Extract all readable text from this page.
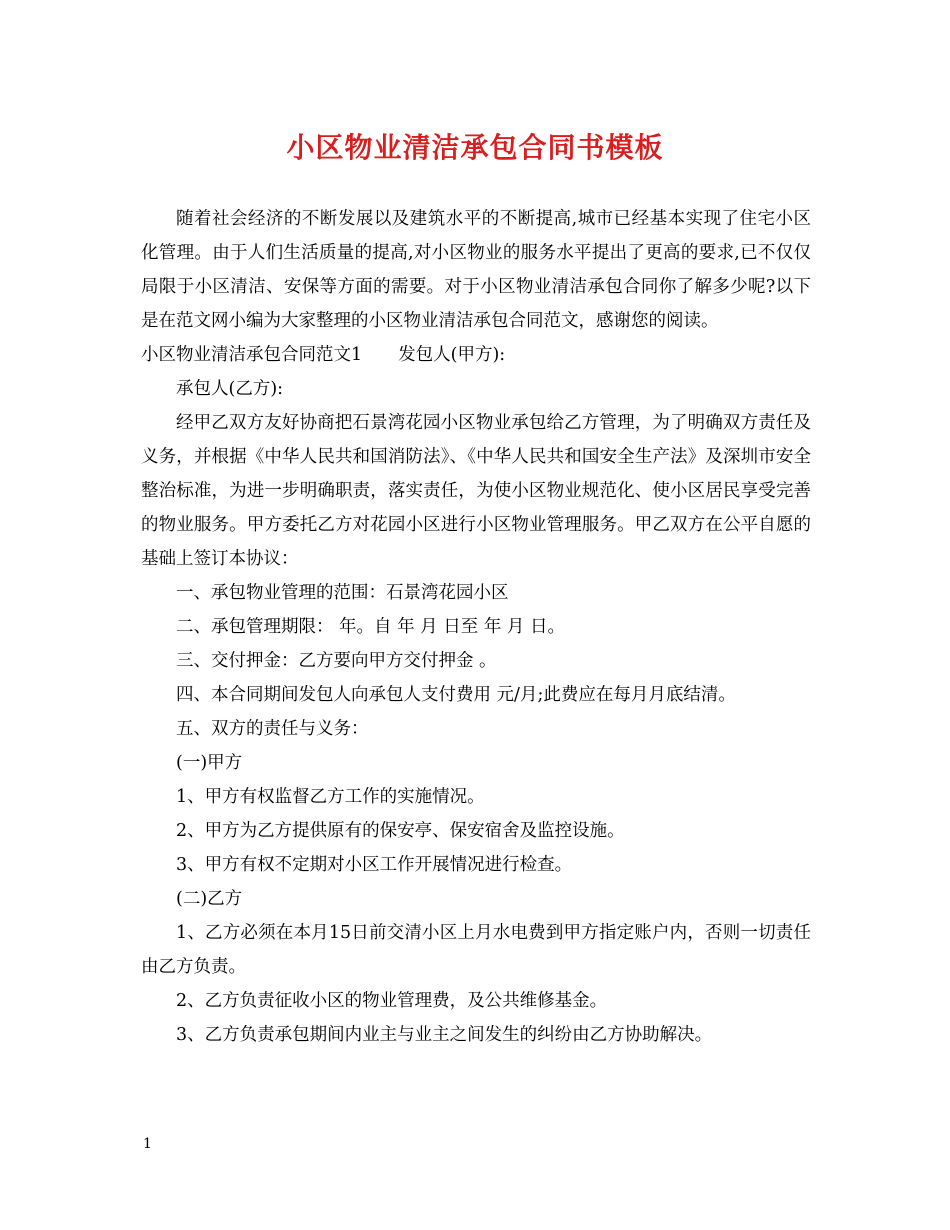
小区物业清洁承包合同书模板

随着社会经济的不断发展以及建筑水平的不断提高,城市已经基本实现了住宅小区化管理。由于人们生活质量的提高,对小区物业的服务水平提出了更高的要求,已不仅仅局限于小区清洁、安保等方面的需要。对于小区物业清洁承包合同你了解多少呢?以下是在范文网小编为大家整理的小区物业清洁承包合同范文，感谢您的阅读。

小区物业清洁承包合同范文1 发包人(甲方):

承包人(乙方):

经甲乙双方友好协商把石景湾花园小区物业承包给乙方管理，为了明确双方责任及义务，并根据《中华人民共和国消防法》、《中华人民共和国安全生产法》及深圳市安全整治标准，为进一步明确职责，落实责任，为使小区物业规范化、使小区居民享受完善的物业服务。甲方委托乙方对花园小区进行小区物业管理服务。甲乙双方在公平自愿的基础上签订本协议：

一、承包物业管理的范围：石景湾花园小区

二、承包管理期限： 年。自 年 月 日至 年 月 日。

三、交付押金：乙方要向甲方交付押金 。

四、本合同期间发包人向承包人支付费用 元/月;此费应在每月月底结清。

五、双方的责任与义务：

(一)甲方

1、甲方有权监督乙方工作的实施情况。

2、甲方为乙方提供原有的保安亭、保安宿舍及监控设施。

3、甲方有权不定期对小区工作开展情况进行检查。

(二)乙方

1、乙方必须在本月15日前交清小区上月水电费到甲方指定账户内，否则一切责任由乙方负责。

2、乙方负责征收小区的物业管理费，及公共维修基金。

3、乙方负责承包期间内业主与业主之间发生的纠纷由乙方协助解决。

1
